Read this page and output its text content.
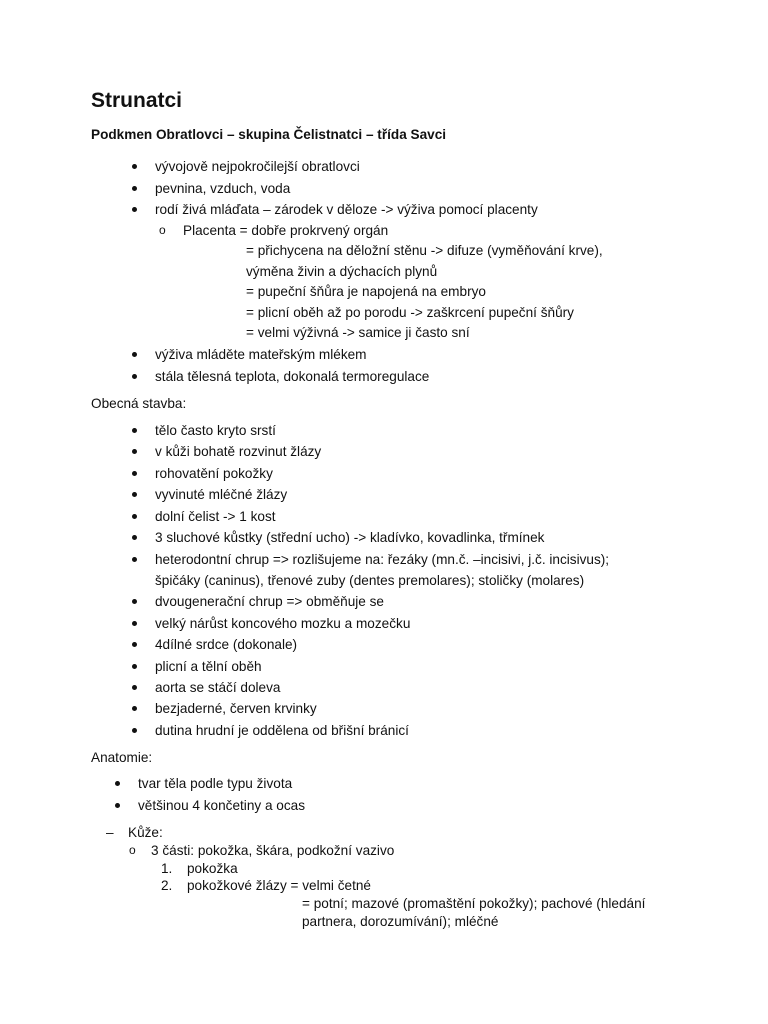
Strunatci
Podkmen Obratlovci – skupina Čelistnatci – třída Savci
vývojově nejpokročilejší obratlovci
pevnina, vzduch, voda
rodí živá mláďata – zárodek v děloze -> výživa pomocí placenty
o Placenta = dobře prokrvený orgán
= přichycena na děložní stěnu -> difuze (vyměňování krve),
výměna živin a dýchacích plynů
= pupeční šňůra je napojená na embryo
= plicní oběh až po porodu -> zaškrcení pupeční šňůry
= velmi výživná -> samice ji často sní
výživa mláděte mateřským mlékem
stála tělesná teplota, dokonalá termoregulace
Obecná stavba:
tělo často kryto srstí
v kůži bohatě rozvinut žlázy
rohovatění pokožky
vyvinuté mléčné žlázy
dolní čelist -> 1 kost
3 sluchové kůstky (střední ucho) -> kladívko, kovadlinka, třmínek
heterodontní chrup => rozlišujeme na: řezáky (mn.č. –incisivi, j.č. incisivus);
špičáky (caninus), třenové zuby (dentes premolares); stoličky (molares)
dvougenerační chrup => obměňuje se
velký nárůst koncového mozku a mozečku
4dílné srdce (dokonale)
plicní a tělní oběh
aorta se stáčí doleva
bezjaderné, červen krvinky
dutina hrudní je oddělena od břišní bránicí
Anatomie:
tvar těla podle typu života
většinou 4 končetiny a ocas
– Kůže:
o 3 části: pokožka, škára, podkožní vazivo
1. pokožka
2. pokožkové žlázy = velmi četné
= potní; mazové (promaštění pokožky); pachové (hledání
partnera, dorozumívání); mléčné
